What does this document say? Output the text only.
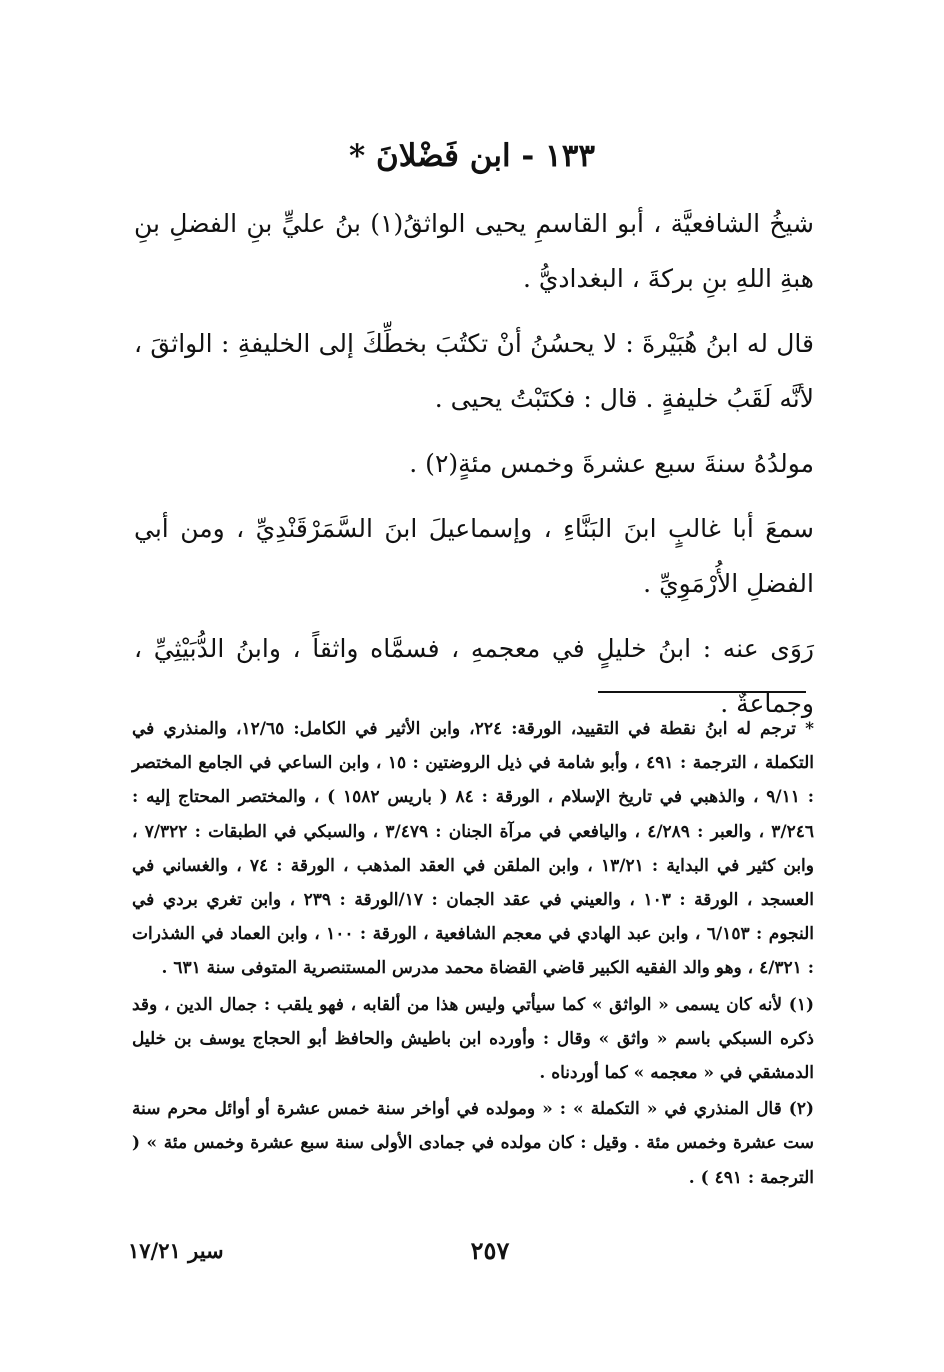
١٣٣ - ابن فَضْلانَ *

شيخُ الشافعيَّة ، أبو القاسمِ يحيى الواثقُ(١) بنُ عليٍّ بنِ الفضلِ بنِ هبةِ اللهِ بنِ بركةَ ، البغداديُّ .

قال له ابنُ هُبَيْرةَ : لا يحسُنُ أنْ تكتُبَ بخطِّكَ إلى الخليفةِ : الواثقَ ، لأنَّه لَقَبُ خليفةٍ . قال : فكتَبْتُ يحيى .

مولدُهُ سنةَ سبع عشرةَ وخمس مئةٍ(٢) .

سمعَ أبا غالبٍ ابنَ البَنَّاءِ ، وإسماعيلَ ابنَ السَّمَرْقَنْدِيِّ ، ومن أبي الفضلِ الأُرْمَوِيِّ .

رَوَى عنه : ابنُ خليلٍ في معجمهِ ، فسمَّاه واثقاً ، وابنُ الدُّبَيْثِيِّ ، وجماعةٌ .

* ترجم له ابنُ نقطة في التقييد، الورقة: ٢٢٤، وابن الأثير في الكامل: ١٢/٦٥، والمنذري في التكملة ، الترجمة : ٤٩١ ، وأبو شامة في ذيل الروضتين : ١٥ ، وابن الساعي في الجامع المختصر : ٩/١١ ، والذهبي في تاريخ الإسلام ، الورقة : ٨٤ ( باريس ١٥٨٢ ) ، والمختصر المحتاج إليه : ٣/٢٤٦ ، والعبر : ٤/٢٨٩ ، واليافعي في مرآة الجنان : ٣/٤٧٩ ، والسبكي في الطبقات : ٧/٣٢٢ ، وابن كثير في البداية : ١٣/٢١ ، وابن الملقن في العقد المذهب ، الورقة : ٧٤ ، والغساني في العسجد ، الورقة : ١٠٣ ، والعيني في عقد الجمان : ١٧/الورقة : ٢٣٩ ، وابن تغري بردي في النجوم : ٦/١٥٣ ، وابن عبد الهادي في معجم الشافعية ، الورقة : ١٠٠ ، وابن العماد في الشذرات : ٤/٣٢١ ، وهو والد الفقيه الكبير قاضي القضاة محمد مدرس المستنصرية المتوفى سنة ٦٣١ .

(١) لأنه كان يسمى « الواثق » كما سيأتي وليس هذا من ألقابه ، فهو يلقب : جمال الدين ، وقد ذكره السبكي باسم « واثق » وقال : وأورده ابن باطيش والحافظ أبو الحجاج يوسف بن خليل الدمشقي في « معجمه » كما أوردناه .

(٢) قال المنذري في « التكملة » : « ومولده في أواخر سنة خمس عشرة أو أوائل محرم سنة ست عشرة وخمس مئة . وقيل : كان مولده في جمادى الأولى سنة سبع عشرة وخمس مئة » ( الترجمة : ٤٩١ ) .

٢٥٧
سير ١٧/٢١
